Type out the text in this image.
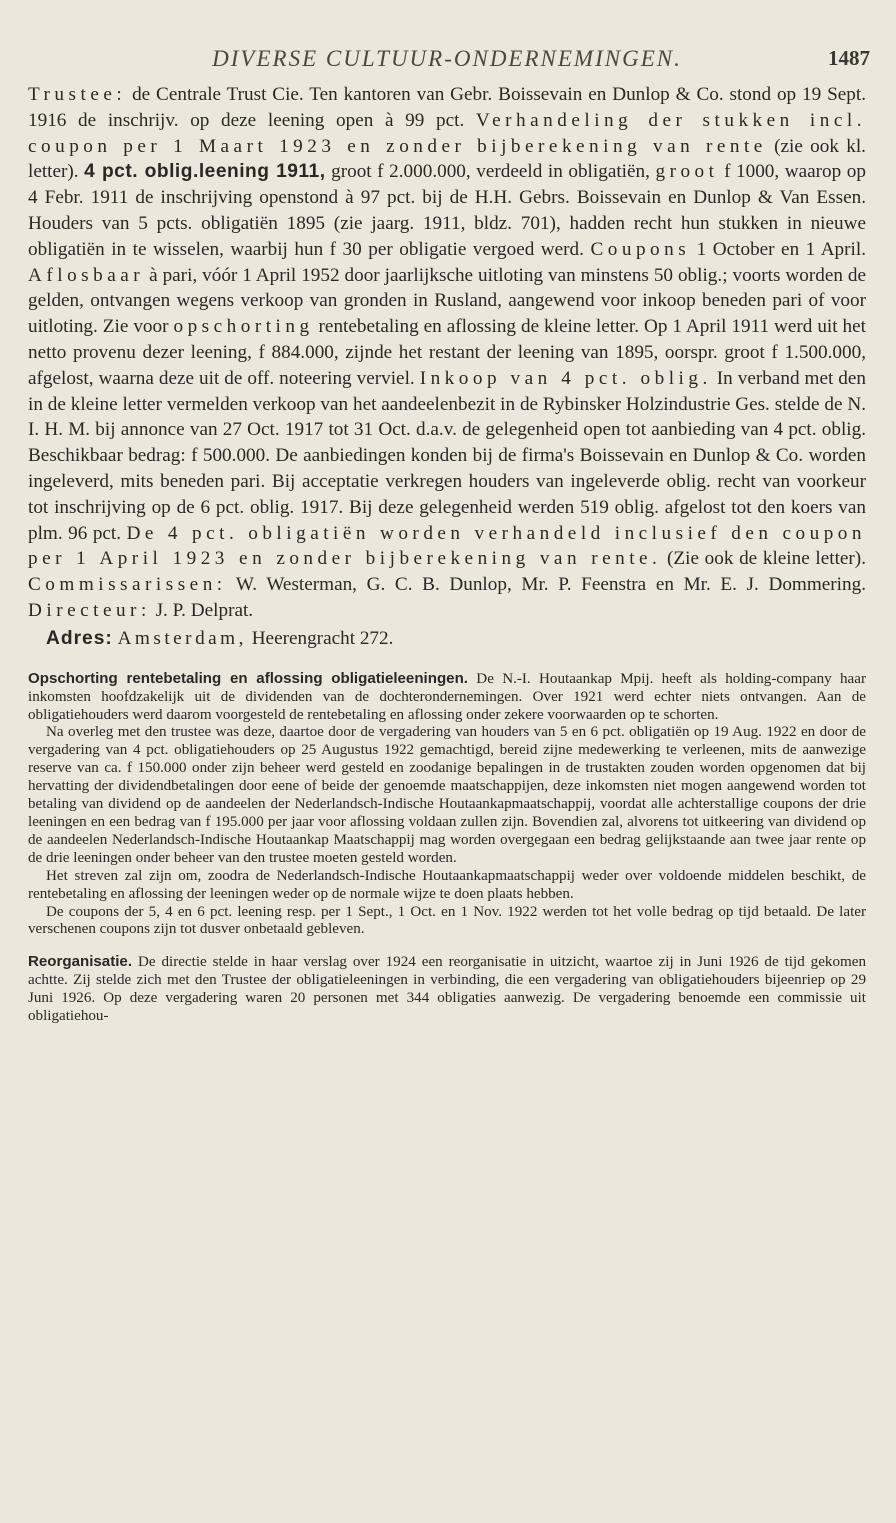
DIVERSE CULTUUR-ONDERNEMINGEN.	1487

Trustee: de Centrale Trust Cie. Ten kantoren van Gebr. Boissevain en Dunlop & Co. stond op 19 Sept. 1916 de inschrijv. op deze leening open à 99 pct. Verhandeling der stukken incl. coupon per 1 Maart 1923 en zonder bijberekening van rente (zie ook kl. letter). 4 pct. oblig.leening 1911, groot f 2.000.000, verdeeld in obligatiën, groot f 1000, waarop op 4 Febr. 1911 de inschrijving openstond à 97 pct. bij de H.H. Gebrs. Boissevain en Dunlop & Van Essen. Houders van 5 pcts. obligatiën 1895 (zie jaarg. 1911, bldz. 701), hadden recht hun stukken in nieuwe obligatiën in te wisselen, waarbij hun f 30 per obligatie vergoed werd. Coupons 1 October en 1 April. Aflosbaar à pari, vóór 1 April 1952 door jaarlijksche uitloting van minstens 50 oblig.; voorts worden de gelden, ontvangen wegens verkoop van gronden in Rusland, aangewend voor inkoop beneden pari of voor uitloting. Zie voor opschorting rentebetaling en aflossing de kleine letter. Op 1 April 1911 werd uit het netto provenu dezer leening, f 884.000, zijnde het restant der leening van 1895, oorspr. groot f 1.500.000, afgelost, waarna deze uit de off. noteering verviel. Inkoop van 4 pct. oblig. In verband met den in de kleine letter vermelden verkoop van het aandeelenbezit in de Rybinsker Holzindustrie Ges. stelde de N. I. H. M. bij annonce van 27 Oct. 1917 tot 31 Oct. d.a.v. de gelegenheid open tot aanbieding van 4 pct. oblig. Beschikbaar bedrag: f 500.000. De aanbiedingen konden bij de firma's Boissevain en Dunlop & Co. worden ingeleverd, mits beneden pari. Bij acceptatie verkregen houders van ingeleverde oblig. recht van voorkeur tot inschrijving op de 6 pct. oblig. 1917. Bij deze gelegenheid werden 519 oblig. afgelost tot den koers van plm. 96 pct. De 4 pct. obligatiën worden verhandeld inclusief den coupon per 1 April 1923 en zonder bijberekening van rente. (Zie ook de kleine letter). Commissarissen: W. Westerman, G. C. B. Dunlop, Mr. P. Feenstra en Mr. E. J. Dommering. Directeur: J. P. Delprat.

Adres: Amsterdam, Heerengracht 272.

Opschorting rentebetaling en aflossing obligatieleeningen. De N.-I. Houtaankap Mpij. heeft als holding-company haar inkomsten hoofdzakelijk uit de dividenden van de dochterondernemingen. Over 1921 werd echter niets ontvangen. Aan de obligatiehouders werd daarom voorgesteld de rentebetaling en aflossing onder zekere voorwaarden op te schorten.

Na overleg met den trustee was deze, daartoe door de vergadering van houders van 5 en 6 pct. obligatiën op 19 Aug. 1922 en door de vergadering van 4 pct. obligatiehouders op 25 Augustus 1922 gemachtigd, bereid zijne medewerking te verleenen, mits de aanwezige reserve van ca. f 150.000 onder zijn beheer werd gesteld en zoodanige bepalingen in de trustakten zouden worden opgenomen dat bij hervatting der dividendbetalingen door eene of beide der genoemde maatschappijen, deze inkomsten niet mogen aangewend worden tot betaling van dividend op de aandeelen der Nederlandsch-Indische Houtaankapmaatschappij, voordat alle achterstallige coupons der drie leeningen en een bedrag van f 195.000 per jaar voor aflossing voldaan zullen zijn. Bovendien zal, alvorens tot uitkeering van dividend op de aandeelen Nederlandsch-Indische Houtaankap Maatschappij mag worden overgegaan een bedrag gelijkstaande aan twee jaar rente op de drie leeningen onder beheer van den trustee moeten gesteld worden.

Het streven zal zijn om, zoodra de Nederlandsch-Indische Houtaankapmaatschappij weder over voldoende middelen beschikt, de rentebetaling en aflossing der leeningen weder op de normale wijze te doen plaats hebben.

De coupons der 5, 4 en 6 pct. leening resp. per 1 Sept., 1 Oct. en 1 Nov. 1922 werden tot het volle bedrag op tijd betaald. De later verschenen coupons zijn tot dusver onbetaald gebleven.

Reorganisatie. De directie stelde in haar verslag over 1924 een reorganisatie in uitzicht, waartoe zij in Juni 1926 de tijd gekomen achtte. Zij stelde zich met den Trustee der obligatieleeningen in verbinding, die een vergadering van obligatiehouders bijeenriep op 29 Juni 1926. Op deze vergadering waren 20 personen met 344 obligaties aanwezig. De vergadering benoemde een commissie uit obligatiehou-
